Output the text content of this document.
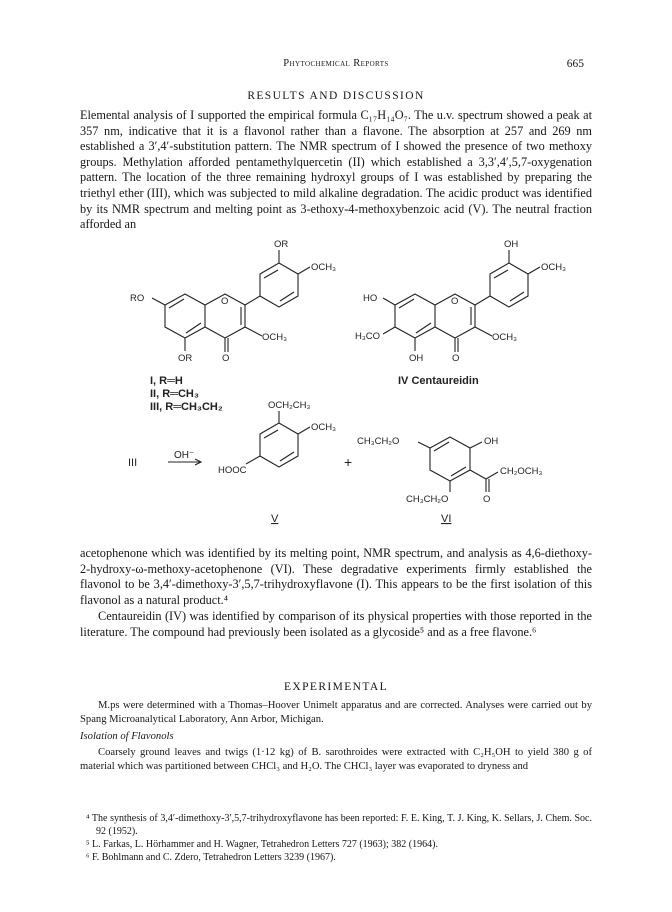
Phytochemical Reports	665
RESULTS AND DISCUSSION

Elemental analysis of I supported the empirical formula C₁₇H₁₄O₇. The u.v. spectrum showed a peak at 357 nm, indicative that it is a flavonol rather than a flavone. The absorption at 257 and 269 nm established a 3′,4′-substitution pattern. The NMR spectrum of I showed the presence of two methoxy groups. Methylation afforded pentamethylquercetin (II) which established a 3,3′,4′,5,7-oxygenation pattern. The location of the three remaining hydroxyl groups of I was established by preparing the triethyl ether (III), which was subjected to mild alkaline degradation. The acidic product was identified by its NMR spectrum and melting point as 3-ethoxy-4-methoxybenzoic acid (V). The neutral fraction afforded an

OR
OCH₃
RO	O
OCH₃
OR	O
OH
OCH₃
HO	O
H₃CO	OCH₃
OH	O
OCH₂CH₃
OCH₃
HOOC
CH₃CH₂O	OH
CH₂OCH₃
CH₃CH₂O	O
I, R═H
II, R═CH₃
III, R═CH₃CH₂
IV Centaureidin
III
OH⁻	+
V	VI

acetophenone which was identified by its melting point, NMR spectrum, and analysis as 4,6-diethoxy-2-hydroxy-ω-methoxy-acetophenone (VI). These degradative experiments firmly established the flavonol to be 3,4′-dimethoxy-3′,5,7-trihydroxyflavone (I). This appears to be the first isolation of this flavonol as a natural product.⁴

Centaureidin (IV) was identified by comparison of its physical properties with those reported in the literature. The compound had previously been isolated as a glycoside⁵ and as a free flavone.⁶

EXPERIMENTAL

M.ps were determined with a Thomas–Hoover Unimelt apparatus and are corrected. Analyses were carried out by Spang Microanalytical Laboratory, Ann Arbor, Michigan.

Isolation of Flavonols

Coarsely ground leaves and twigs (1·12 kg) of B. sarothroides were extracted with C₂H₅OH to yield 380 g of material which was partitioned between CHCl₃ and H₂O. The CHCl₃ layer was evaporated to dryness and

⁴ The synthesis of 3,4′-dimethoxy-3′,5,7-trihydroxyflavone has been reported: F. E. King, T. J. King, K. Sellars, J. Chem. Soc. 92 (1952).

⁵ L. Farkas, L. Hörhammer and H. Wagner, Tetrahedron Letters 727 (1963); 382 (1964).

⁶ F. Bohlmann and C. Zdero, Tetrahedron Letters 3239 (1967).
